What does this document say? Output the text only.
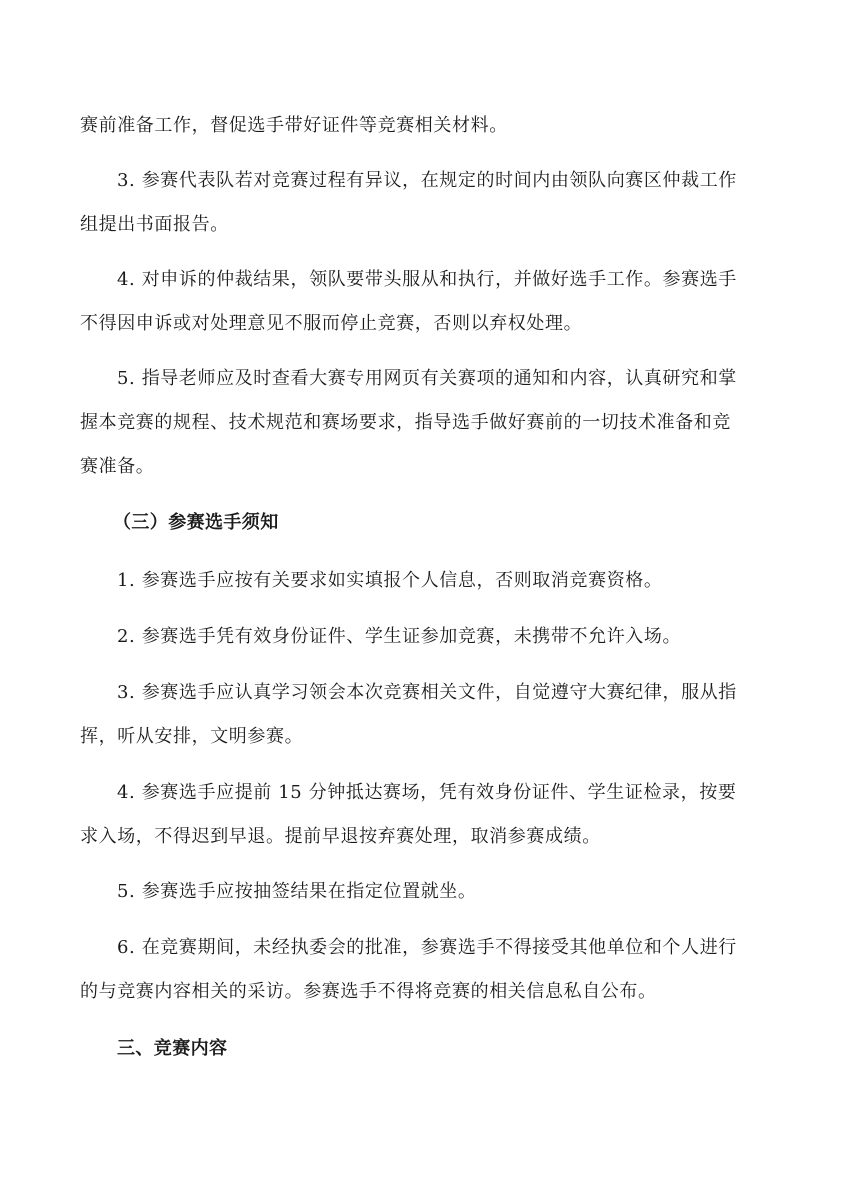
赛前准备工作，督促选手带好证件等竞赛相关材料。
3. 参赛代表队若对竞赛过程有异议，在规定的时间内由领队向赛区仲裁工作
组提出书面报告。
4. 对申诉的仲裁结果，领队要带头服从和执行，并做好选手工作。参赛选手
不得因申诉或对处理意见不服而停止竞赛，否则以弃权处理。
5. 指导老师应及时查看大赛专用网页有关赛项的通知和内容，认真研究和掌
握本竞赛的规程、技术规范和赛场要求，指导选手做好赛前的一切技术准备和竞
赛准备。
（三）参赛选手须知
1. 参赛选手应按有关要求如实填报个人信息，否则取消竞赛资格。
2. 参赛选手凭有效身份证件、学生证参加竞赛，未携带不允许入场。
3. 参赛选手应认真学习领会本次竞赛相关文件，自觉遵守大赛纪律，服从指
挥，听从安排，文明参赛。
4. 参赛选手应提前 15 分钟抵达赛场，凭有效身份证件、学生证检录，按要
求入场，不得迟到早退。提前早退按弃赛处理，取消参赛成绩。
5. 参赛选手应按抽签结果在指定位置就坐。
6. 在竞赛期间，未经执委会的批准，参赛选手不得接受其他单位和个人进行
的与竞赛内容相关的采访。参赛选手不得将竞赛的相关信息私自公布。
三、竞赛内容
